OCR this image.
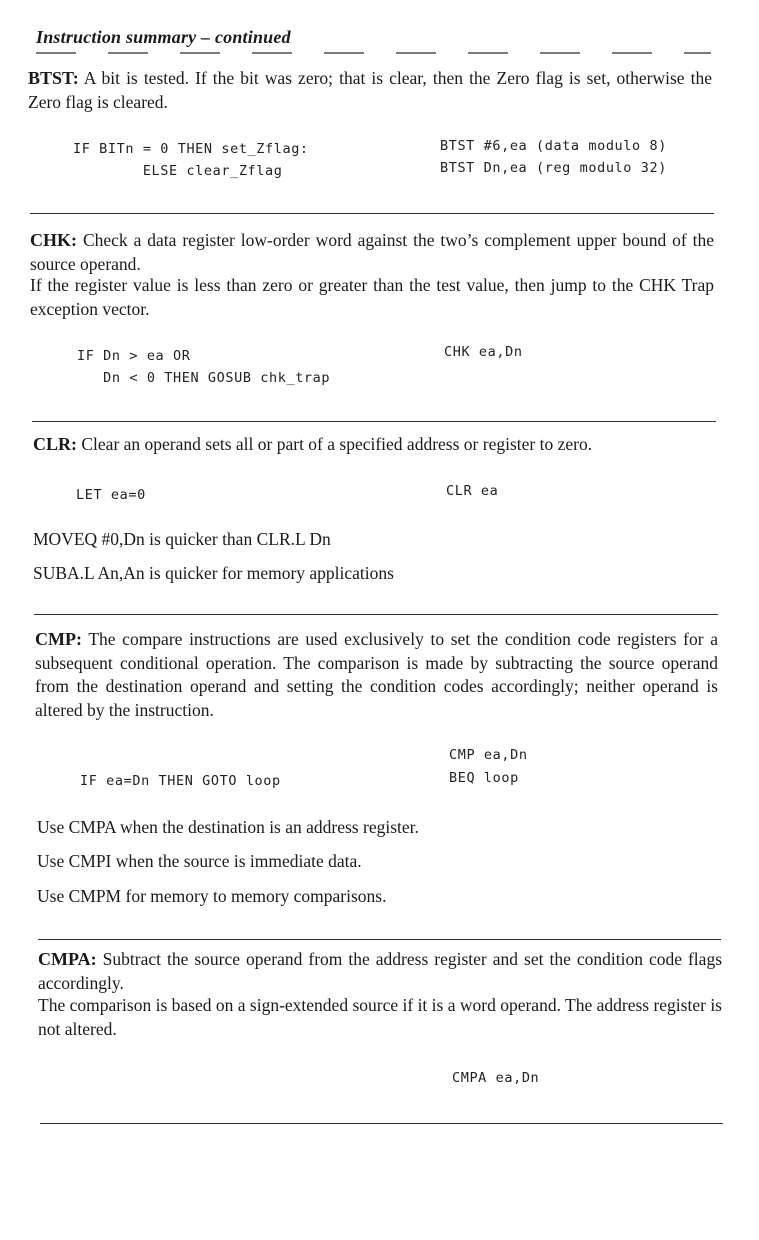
Instruction summary – continued
BTST: A bit is tested. If the bit was zero; that is clear, then the Zero flag is set, otherwise the Zero flag is cleared.
IF BITn = 0 THEN set_Zflag:
ELSE clear_Zflag
BTST #6,ea (data modulo 8)
BTST Dn,ea (reg modulo 32)
CHK: Check a data register low-order word against the two’s complement upper bound of the source operand.
If the register value is less than zero or greater than the test value, then jump to the CHK Trap exception vector.
IF Dn > ea OR
Dn < 0 THEN GOSUB chk_trap
CHK ea,Dn
CLR: Clear an operand sets all or part of a specified address or register to zero.
LET ea=0	CLR ea
MOVEQ #0,Dn is quicker than CLR.L Dn
SUBA.L An,An is quicker for memory applications
CMP: The compare instructions are used exclusively to set the condition code registers for a subsequent conditional operation. The comparison is made by subtracting the source operand from the destination operand and setting the condition codes accordingly; neither operand is altered by the instruction.
IF ea=Dn THEN GOTO loop
CMP ea,Dn
BEQ loop
Use CMPA when the destination is an address register.
Use CMPI when the source is immediate data.
Use CMPM for memory to memory comparisons.
CMPA: Subtract the source operand from the address register and set the condition code flags accordingly.
The comparison is based on a sign-extended source if it is a word operand. The address register is not altered.
CMPA ea,Dn
